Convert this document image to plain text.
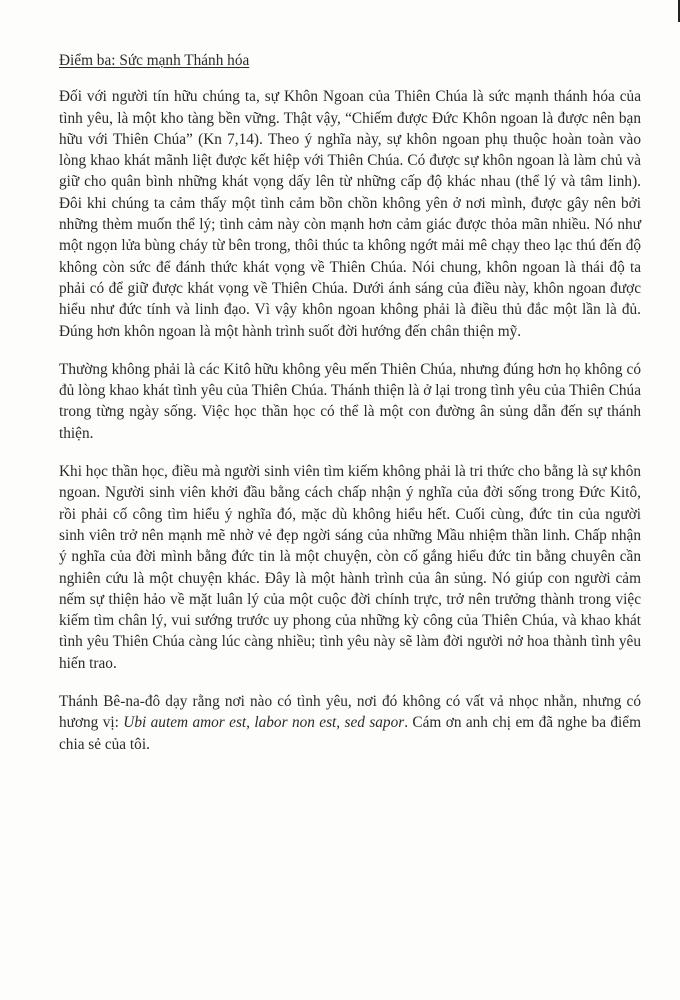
Điểm ba: Sức mạnh Thánh hóa

Đối với người tín hữu chúng ta, sự Khôn Ngoan của Thiên Chúa là sức mạnh thánh hóa của tình yêu, là một kho tàng bền vững. Thật vậy, “Chiếm được Đức Khôn ngoan là được nên bạn hữu với Thiên Chúa” (Kn 7,14). Theo ý nghĩa này, sự khôn ngoan phụ thuộc hoàn toàn vào lòng khao khát mãnh liệt được kết hiệp với Thiên Chúa. Có được sự khôn ngoan là làm chủ và giữ cho quân bình những khát vọng dấy lên từ những cấp độ khác nhau (thể lý và tâm linh). Đôi khi chúng ta cảm thấy một tình cảm bồn chồn không yên ở nơi mình, được gây nên bởi những thèm muốn thể lý; tình cảm này còn mạnh hơn cảm giác được thỏa mãn nhiều. Nó như một ngọn lửa bùng cháy từ bên trong, thôi thúc ta không ngớt mải mê chạy theo lạc thú đến độ không còn sức để đánh thức khát vọng về Thiên Chúa. Nói chung, khôn ngoan là thái độ ta phải có để giữ được khát vọng về Thiên Chúa. Dưới ánh sáng của điều này, khôn ngoan được hiểu như đức tính và linh đạo. Vì vậy khôn ngoan không phải là điều thủ đắc một lần là đủ. Đúng hơn khôn ngoan là một hành trình suốt đời hướng đến chân thiện mỹ.

Thường không phải là các Kitô hữu không yêu mến Thiên Chúa, nhưng đúng hơn họ không có đủ lòng khao khát tình yêu của Thiên Chúa. Thánh thiện là ở lại trong tình yêu của Thiên Chúa trong từng ngày sống. Việc học thần học có thể là một con đường ân sủng dẫn đến sự thánh thiện.

Khi học thần học, điều mà người sinh viên tìm kiếm không phải là tri thức cho bằng là sự khôn ngoan. Người sinh viên khởi đầu bằng cách chấp nhận ý nghĩa của đời sống trong Đức Kitô, rồi phải cố công tìm hiểu ý nghĩa đó, mặc dù không hiểu hết. Cuối cùng, đức tin của người sinh viên trở nên mạnh mẽ nhờ vẻ đẹp ngời sáng của những Mầu nhiệm thần linh. Chấp nhận ý nghĩa của đời mình bằng đức tin là một chuyện, còn cố gắng hiểu đức tin bằng chuyên cần nghiên cứu là một chuyện khác. Đây là một hành trình của ân sủng. Nó giúp con người cảm nếm sự thiện hảo về mặt luân lý của một cuộc đời chính trực, trở nên trưởng thành trong việc kiếm tìm chân lý, vui sướng trước uy phong của những kỳ công của Thiên Chúa, và khao khát tình yêu Thiên Chúa càng lúc càng nhiều; tình yêu này sẽ làm đời người nở hoa thành tình yêu hiến trao.

Thánh Bê-na-đô dạy rằng nơi nào có tình yêu, nơi đó không có vất vả nhọc nhằn, nhưng có hương vị: Ubi autem amor est, labor non est, sed sapor. Cám ơn anh chị em đã nghe ba điểm chia sẻ của tôi.
